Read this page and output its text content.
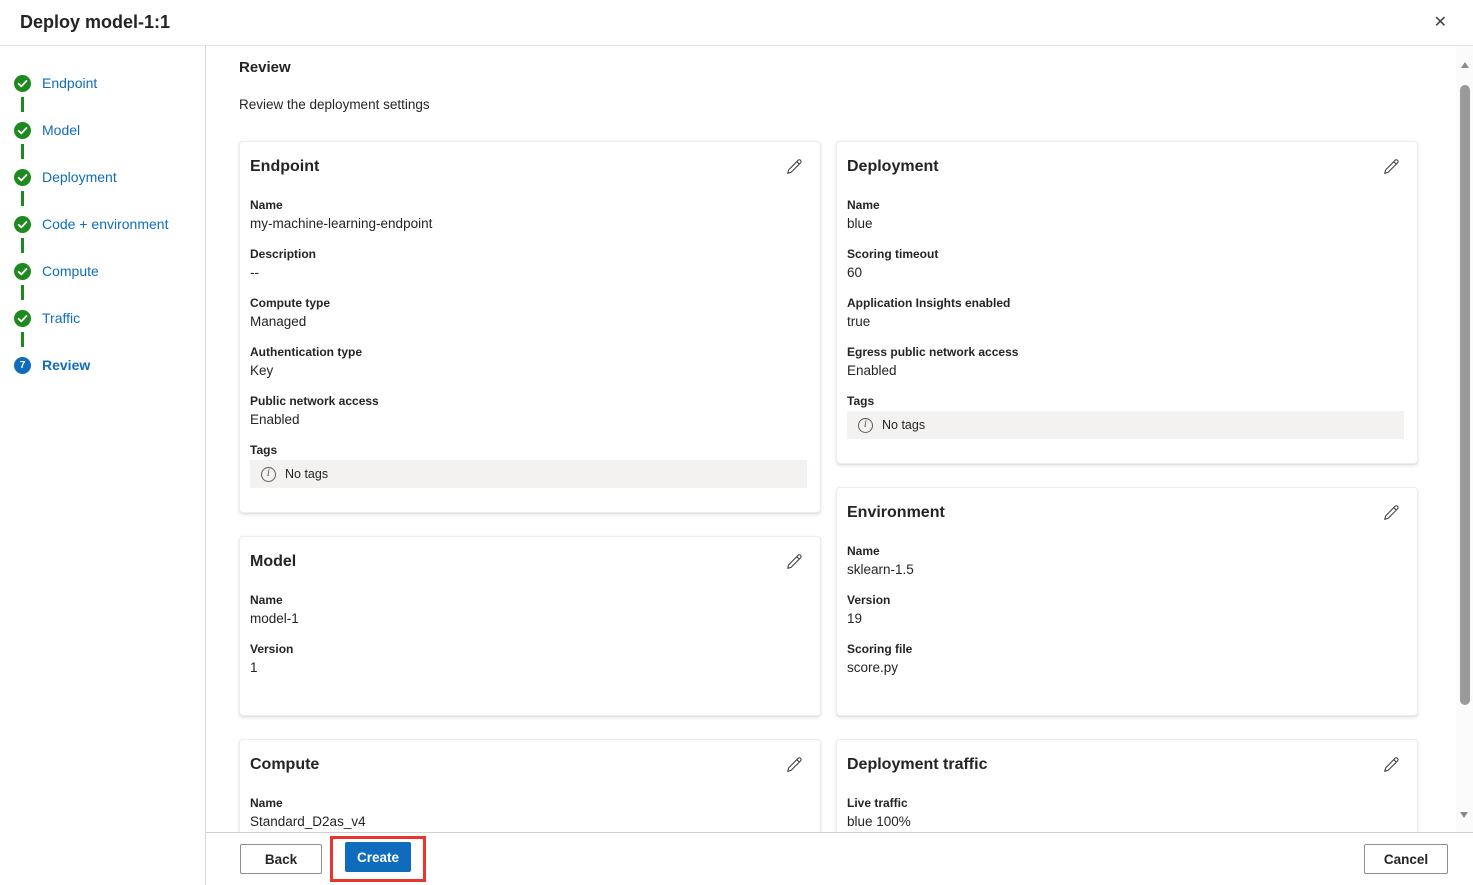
Deploy model-1:1	✕
Endpoint
Model
Deployment
Code + environment
Compute
Traffic
7	Review
Review
Review the deployment settings
Endpoint
Name
my-machine-learning-endpoint
Description
--
Compute type
Managed
Authentication type
Key
Public network access
Enabled
Tags
i	No tags
Model
Name
model-1
Version
1
Compute
Name
Standard_D2as_v4
Deployment
Name
blue
Scoring timeout
60
Application Insights enabled
true
Egress public network access
Enabled
Tags
i	No tags
Environment
Name
sklearn-1.5
Version
19
Scoring file
score.py
Deployment traffic
Live traffic
blue 100%
Back	Create	Cancel
